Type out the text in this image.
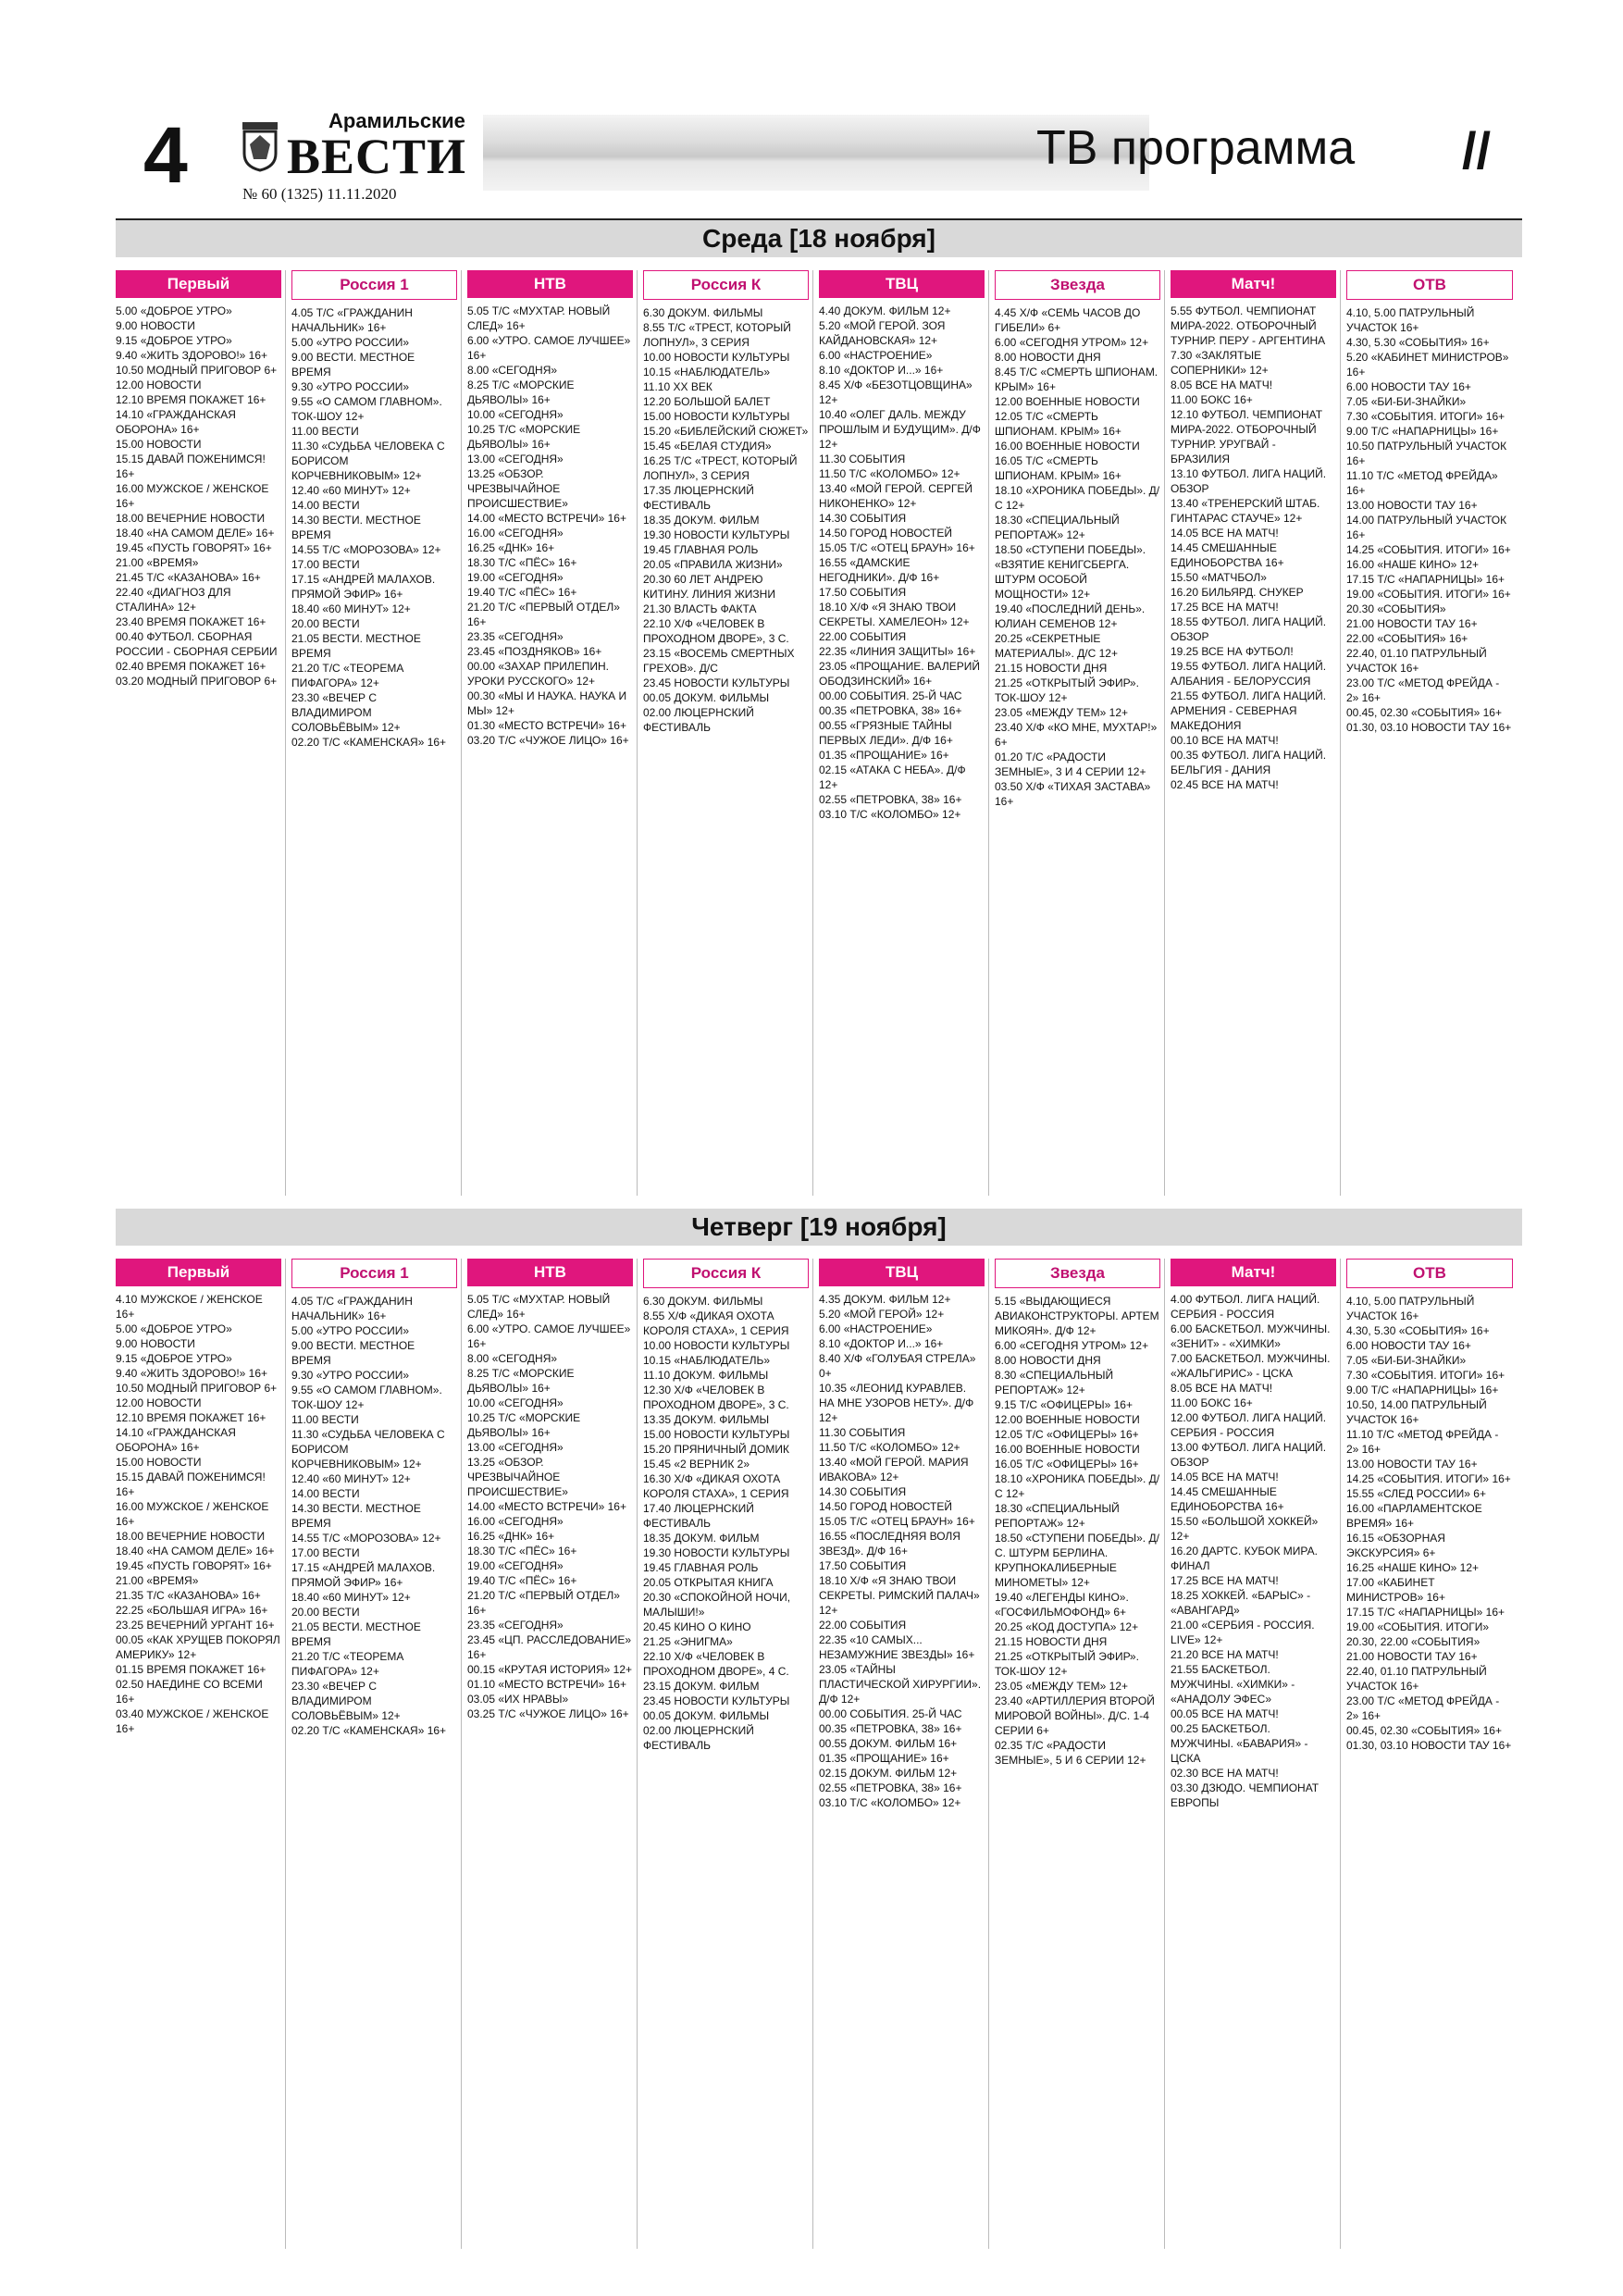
4	Арамильские
ВЕСТИ
№ 60 (1325) 11.11.2020
ТВ программа //
Среда [18 ноября]
Первый

5.00 «ДОБРОЕ УТРО»

9.00 НОВОСТИ

9.15 «ДОБРОЕ УТРО»

9.40 «ЖИТЬ ЗДОРОВО!» 16+

10.50 МОДНЫЙ ПРИГОВОР 6+

12.00 НОВОСТИ

12.10 ВРЕМЯ ПОКАЖЕТ 16+

14.10 «ГРАЖДАНСКАЯ ОБОРОНА» 16+

15.00 НОВОСТИ

15.15 ДАВАЙ ПОЖЕНИМСЯ! 16+

16.00 МУЖСКОЕ / ЖЕНСКОЕ 16+

18.00 ВЕЧЕРНИЕ НОВОСТИ

18.40 «НА САМОМ ДЕЛЕ» 16+

19.45 «ПУСТЬ ГОВОРЯТ» 16+

21.00 «ВРЕМЯ»

21.45 Т/С «КАЗАНОВА» 16+

22.40 «ДИАГНОЗ ДЛЯ СТАЛИНА» 12+

23.40 ВРЕМЯ ПОКАЖЕТ 16+

00.40 ФУТБОЛ. СБОРНАЯ РОССИИ - СБОРНАЯ СЕРБИИ

02.40 ВРЕМЯ ПОКАЖЕТ 16+

03.20 МОДНЫЙ ПРИГОВОР 6+

Россия 1

4.05 Т/С «ГРАЖДАНИН НАЧАЛЬНИК» 16+

5.00 «УТРО РОССИИ»

9.00 ВЕСТИ. МЕСТНОЕ ВРЕМЯ

9.30 «УТРО РОССИИ»

9.55 «О САМОМ ГЛАВНОМ». ТОК-ШОУ 12+

11.00 ВЕСТИ

11.30 «СУДЬБА ЧЕЛОВЕКА С БОРИСОМ КОРЧЕВНИКОВЫМ» 12+

12.40 «60 МИНУТ» 12+

14.00 ВЕСТИ

14.30 ВЕСТИ. МЕСТНОЕ ВРЕМЯ

14.55 Т/С «МОРОЗОВА» 12+

17.00 ВЕСТИ

17.15 «АНДРЕЙ МАЛАХОВ. ПРЯМОЙ ЭФИР» 16+

18.40 «60 МИНУТ» 12+

20.00 ВЕСТИ

21.05 ВЕСТИ. МЕСТНОЕ ВРЕМЯ

21.20 Т/С «ТЕОРЕМА ПИФАГОРА» 12+

23.30 «ВЕЧЕР С ВЛАДИМИРОМ СОЛОВЬЁВЫМ» 12+

02.20 Т/С «КАМЕНСКАЯ» 16+

НТВ

5.05 Т/С «МУХТАР. НОВЫЙ СЛЕД» 16+

6.00 «УТРО. САМОЕ ЛУЧШЕЕ» 16+

8.00 «СЕГОДНЯ»

8.25 Т/С «МОРСКИЕ ДЬЯВОЛЫ» 16+

10.00 «СЕГОДНЯ»

10.25 Т/С «МОРСКИЕ ДЬЯВОЛЫ» 16+

13.00 «СЕГОДНЯ»

13.25 «ОБЗОР. ЧРЕЗВЫЧАЙНОЕ ПРОИСШЕСТВИЕ»

14.00 «МЕСТО ВСТРЕЧИ» 16+

16.00 «СЕГОДНЯ»

16.25 «ДНК» 16+

18.30 Т/С «ПЁС» 16+

19.00 «СЕГОДНЯ»

19.40 Т/С «ПЁС» 16+

21.20 Т/С «ПЕРВЫЙ ОТДЕЛ» 16+

23.35 «СЕГОДНЯ»

23.45 «ПОЗДНЯКОВ» 16+

00.00 «ЗАХАР ПРИЛЕПИН. УРОКИ РУССКОГО» 12+

00.30 «МЫ И НАУКА. НАУКА И МЫ» 12+

01.30 «МЕСТО ВСТРЕЧИ» 16+

03.20 Т/С «ЧУЖОЕ ЛИЦО» 16+

Россия К

6.30 ДОКУМ. ФИЛЬМЫ

8.55 Т/С «ТРЕСТ, КОТОРЫЙ ЛОПНУЛ», 3 СЕРИЯ

10.00 НОВОСТИ КУЛЬТУРЫ

10.15 «НАБЛЮДАТЕЛЬ»

11.10 ХХ ВЕК

12.20 БОЛЬШОЙ БАЛЕТ

15.00 НОВОСТИ КУЛЬТУРЫ

15.20 «БИБЛЕЙСКИЙ СЮЖЕТ»

15.45 «БЕЛАЯ СТУДИЯ»

16.25 Т/С «ТРЕСТ, КОТОРЫЙ ЛОПНУЛ», 3 СЕРИЯ

17.35 ЛЮЦЕРНСКИЙ ФЕСТИВАЛЬ

18.35 ДОКУМ. ФИЛЬМ

19.30 НОВОСТИ КУЛЬТУРЫ

19.45 ГЛАВНАЯ РОЛЬ

20.05 «ПРАВИЛА ЖИЗНИ»

20.30 60 ЛЕТ АНДРЕЮ КИТИНУ. ЛИНИЯ ЖИЗНИ

21.30 ВЛАСТЬ ФАКТА

22.10 Х/Ф «ЧЕЛОВЕК В ПРОХОДНОМ ДВОРЕ», 3 С.

23.15 «ВОСЕМЬ СМЕРТНЫХ ГРЕХОВ». Д/С

23.45 НОВОСТИ КУЛЬТУРЫ

00.05 ДОКУМ. ФИЛЬМЫ

02.00 ЛЮЦЕРНСКИЙ ФЕСТИВАЛЬ

ТВЦ

4.40 ДОКУМ. ФИЛЬМ 12+

5.20 «МОЙ ГЕРОЙ. ЗОЯ КАЙДАНОВСКАЯ» 12+

6.00 «НАСТРОЕНИЕ»

8.10 «ДОКТОР И...» 16+

8.45 Х/Ф «БЕЗОТЦОВЩИНА» 12+

10.40 «ОЛЕГ ДАЛЬ. МЕЖДУ ПРОШЛЫМ И БУДУЩИМ». Д/Ф 12+

11.30 СОБЫТИЯ

11.50 Т/С «КОЛОМБО» 12+

13.40 «МОЙ ГЕРОЙ. СЕРГЕЙ НИКОНЕНКО» 12+

14.30 СОБЫТИЯ

14.50 ГОРОД НОВОСТЕЙ

15.05 Т/С «ОТЕЦ БРАУН» 16+

16.55 «ДАМСКИЕ НЕГОДНИКИ». Д/Ф 16+

17.50 СОБЫТИЯ

18.10 Х/Ф «Я ЗНАЮ ТВОИ СЕКРЕТЫ. ХАМЕЛЕОН» 12+

22.00 СОБЫТИЯ

22.35 «ЛИНИЯ ЗАЩИТЫ» 16+

23.05 «ПРОЩАНИЕ. ВАЛЕРИЙ ОБОДЗИНСКИЙ» 16+

00.00 СОБЫТИЯ. 25-Й ЧАС

00.35 «ПЕТРОВКА, 38» 16+

00.55 «ГРЯЗНЫЕ ТАЙНЫ ПЕРВЫХ ЛЕДИ». Д/Ф 16+

01.35 «ПРОЩАНИЕ» 16+

02.15 «АТАКА С НЕБА». Д/Ф 12+

02.55 «ПЕТРОВКА, 38» 16+

03.10 Т/С «КОЛОМБО» 12+

Звезда

4.45 Х/Ф «СЕМЬ ЧАСОВ ДО ГИБЕЛИ» 6+

6.00 «СЕГОДНЯ УТРОМ» 12+

8.00 НОВОСТИ ДНЯ

8.45 Т/С «СМЕРТЬ ШПИОНАМ. КРЫМ» 16+

12.00 ВОЕННЫЕ НОВОСТИ

12.05 Т/С «СМЕРТЬ ШПИОНАМ. КРЫМ» 16+

16.00 ВОЕННЫЕ НОВОСТИ

16.05 Т/С «СМЕРТЬ ШПИОНАМ. КРЫМ» 16+

18.10 «ХРОНИКА ПОБЕДЫ». Д/С 12+

18.30 «СПЕЦИАЛЬНЫЙ РЕПОРТАЖ» 12+

18.50 «СТУПЕНИ ПОБЕДЫ». «ВЗЯТИЕ КЕНИГСБЕРГА. ШТУРМ ОСОБОЙ МОЩНОСТИ» 12+

19.40 «ПОСЛЕДНИЙ ДЕНЬ». ЮЛИАН СЕМЕНОВ 12+

20.25 «СЕКРЕТНЫЕ МАТЕРИАЛЫ». Д/С 12+

21.15 НОВОСТИ ДНЯ

21.25 «ОТКРЫТЫЙ ЭФИР». ТОК-ШОУ 12+

23.05 «МЕЖДУ ТЕМ» 12+

23.40 Х/Ф «КО МНЕ, МУХТАР!» 6+

01.20 Т/С «РАДОСТИ ЗЕМНЫЕ», 3 И 4 СЕРИИ 12+

03.50 Х/Ф «ТИХАЯ ЗАСТАВА» 16+

Матч!

5.55 ФУТБОЛ. ЧЕМПИОНАТ МИРА-2022. ОТБОРОЧНЫЙ ТУРНИР. ПЕРУ - АРГЕНТИНА

7.30 «ЗАКЛЯТЫЕ СОПЕРНИКИ» 12+

8.05 ВСЕ НА МАТЧ!

11.00 БОКС 16+

12.10 ФУТБОЛ. ЧЕМПИОНАТ МИРА-2022. ОТБОРОЧНЫЙ ТУРНИР. УРУГВАЙ - БРАЗИЛИЯ

13.10 ФУТБОЛ. ЛИГА НАЦИЙ. ОБЗОР

13.40 «ТРЕНЕРСКИЙ ШТАБ. ГИНТАРАС СТАУЧЕ» 12+

14.05 ВСЕ НА МАТЧ!

14.45 СМЕШАННЫЕ ЕДИНОБОРСТВА 16+

15.50 «МАТЧБОЛ»

16.20 БИЛЬЯРД. СНУКЕР

17.25 ВСЕ НА МАТЧ!

18.55 ФУТБОЛ. ЛИГА НАЦИЙ. ОБЗОР

19.25 ВСЕ НА ФУТБОЛ!

19.55 ФУТБОЛ. ЛИГА НАЦИЙ. АЛБАНИЯ - БЕЛОРУССИЯ

21.55 ФУТБОЛ. ЛИГА НАЦИЙ. АРМЕНИЯ - СЕВЕРНАЯ МАКЕДОНИЯ

00.10 ВСЕ НА МАТЧ!

00.35 ФУТБОЛ. ЛИГА НАЦИЙ. БЕЛЬГИЯ - ДАНИЯ

02.45 ВСЕ НА МАТЧ!

ОТВ

4.10, 5.00 ПАТРУЛЬНЫЙ УЧАСТОК 16+

4.30, 5.30 «СОБЫТИЯ» 16+

5.20 «КАБИНЕТ МИНИСТРОВ» 16+

6.00 НОВОСТИ ТАУ 16+

7.05 «БИ-БИ-ЗНАЙКИ»

7.30 «СОБЫТИЯ. ИТОГИ» 16+

9.00 Т/С «НАПАРНИЦЫ» 16+

10.50 ПАТРУЛЬНЫЙ УЧАСТОК 16+

11.10 Т/С «МЕТОД ФРЕЙДА» 16+

13.00 НОВОСТИ ТАУ 16+

14.00 ПАТРУЛЬНЫЙ УЧАСТОК 16+

14.25 «СОБЫТИЯ. ИТОГИ» 16+

16.00 «НАШЕ КИНО» 12+

17.15 Т/С «НАПАРНИЦЫ» 16+

19.00 «СОБЫТИЯ. ИТОГИ» 16+

20.30 «СОБЫТИЯ»

21.00 НОВОСТИ ТАУ 16+

22.00 «СОБЫТИЯ» 16+

22.40, 01.10 ПАТРУЛЬНЫЙ УЧАСТОК 16+

23.00 Т/С «МЕТОД ФРЕЙДА - 2» 16+

00.45, 02.30 «СОБЫТИЯ» 16+

01.30, 03.10 НОВОСТИ ТАУ 16+

Четверг [19 ноября]
Первый

4.10 МУЖСКОЕ / ЖЕНСКОЕ 16+

5.00 «ДОБРОЕ УТРО»

9.00 НОВОСТИ

9.15 «ДОБРОЕ УТРО»

9.40 «ЖИТЬ ЗДОРОВО!» 16+

10.50 МОДНЫЙ ПРИГОВОР 6+

12.00 НОВОСТИ

12.10 ВРЕМЯ ПОКАЖЕТ 16+

14.10 «ГРАЖДАНСКАЯ ОБОРОНА» 16+

15.00 НОВОСТИ

15.15 ДАВАЙ ПОЖЕНИМСЯ! 16+

16.00 МУЖСКОЕ / ЖЕНСКОЕ 16+

18.00 ВЕЧЕРНИЕ НОВОСТИ

18.40 «НА САМОМ ДЕЛЕ» 16+

19.45 «ПУСТЬ ГОВОРЯТ» 16+

21.00 «ВРЕМЯ»

21.35 Т/С «КАЗАНОВА» 16+

22.25 «БОЛЬШАЯ ИГРА» 16+

23.25 ВЕЧЕРНИЙ УРГАНТ 16+

00.05 «КАК ХРУЩЕВ ПОКОРЯЛ АМЕРИКУ» 12+

01.15 ВРЕМЯ ПОКАЖЕТ 16+

02.50 НАЕДИНЕ СО ВСЕМИ 16+

03.40 МУЖСКОЕ / ЖЕНСКОЕ 16+

Россия 1

4.05 Т/С «ГРАЖДАНИН НАЧАЛЬНИК» 16+

5.00 «УТРО РОССИИ»

9.00 ВЕСТИ. МЕСТНОЕ ВРЕМЯ

9.30 «УТРО РОССИИ»

9.55 «О САМОМ ГЛАВНОМ». ТОК-ШОУ 12+

11.00 ВЕСТИ

11.30 «СУДЬБА ЧЕЛОВЕКА С БОРИСОМ КОРЧЕВНИКОВЫМ» 12+

12.40 «60 МИНУТ» 12+

14.00 ВЕСТИ

14.30 ВЕСТИ. МЕСТНОЕ ВРЕМЯ

14.55 Т/С «МОРОЗОВА» 12+

17.00 ВЕСТИ

17.15 «АНДРЕЙ МАЛАХОВ. ПРЯМОЙ ЭФИР» 16+

18.40 «60 МИНУТ» 12+

20.00 ВЕСТИ

21.05 ВЕСТИ. МЕСТНОЕ ВРЕМЯ

21.20 Т/С «ТЕОРЕМА ПИФАГОРА» 12+

23.30 «ВЕЧЕР С ВЛАДИМИРОМ СОЛОВЬЁВЫМ» 12+

02.20 Т/С «КАМЕНСКАЯ» 16+

НТВ

5.05 Т/С «МУХТАР. НОВЫЙ СЛЕД» 16+

6.00 «УТРО. САМОЕ ЛУЧШЕЕ» 16+

8.00 «СЕГОДНЯ»

8.25 Т/С «МОРСКИЕ ДЬЯВОЛЫ» 16+

10.00 «СЕГОДНЯ»

10.25 Т/С «МОРСКИЕ ДЬЯВОЛЫ» 16+

13.00 «СЕГОДНЯ»

13.25 «ОБЗОР. ЧРЕЗВЫЧАЙНОЕ ПРОИСШЕСТВИЕ»

14.00 «МЕСТО ВСТРЕЧИ» 16+

16.00 «СЕГОДНЯ»

16.25 «ДНК» 16+

18.30 Т/С «ПЁС» 16+

19.00 «СЕГОДНЯ»

19.40 Т/С «ПЁС» 16+

21.20 Т/С «ПЕРВЫЙ ОТДЕЛ» 16+

23.35 «СЕГОДНЯ»

23.45 «ЦП. РАССЛЕДОВАНИЕ» 16+

00.15 «КРУТАЯ ИСТОРИЯ» 12+

01.10 «МЕСТО ВСТРЕЧИ» 16+

03.05 «ИХ НРАВЫ»

03.25 Т/С «ЧУЖОЕ ЛИЦО» 16+

Россия К

6.30 ДОКУМ. ФИЛЬМЫ

8.55 Х/Ф «ДИКАЯ ОХОТА КОРОЛЯ СТАХА», 1 СЕРИЯ

10.00 НОВОСТИ КУЛЬТУРЫ

10.15 «НАБЛЮДАТЕЛЬ»

11.10 ДОКУМ. ФИЛЬМЫ

12.30 Х/Ф «ЧЕЛОВЕК В ПРОХОДНОМ ДВОРЕ», 3 С.

13.35 ДОКУМ. ФИЛЬМЫ

15.00 НОВОСТИ КУЛЬТУРЫ

15.20 ПРЯНИЧНЫЙ ДОМИК

15.45 «2 ВЕРНИК 2»

16.30 Х/Ф «ДИКАЯ ОХОТА КОРОЛЯ СТАХА», 1 СЕРИЯ

17.40 ЛЮЦЕРНСКИЙ ФЕСТИВАЛЬ

18.35 ДОКУМ. ФИЛЬМ

19.30 НОВОСТИ КУЛЬТУРЫ

19.45 ГЛАВНАЯ РОЛЬ

20.05 ОТКРЫТАЯ КНИГА

20.30 «СПОКОЙНОЙ НОЧИ, МАЛЫШИ!»

20.45 КИНО О КИНО

21.25 «ЭНИГМА»

22.10 Х/Ф «ЧЕЛОВЕК В ПРОХОДНОМ ДВОРЕ», 4 С.

23.15 ДОКУМ. ФИЛЬМ

23.45 НОВОСТИ КУЛЬТУРЫ

00.05 ДОКУМ. ФИЛЬМЫ

02.00 ЛЮЦЕРНСКИЙ ФЕСТИВАЛЬ

ТВЦ

4.35 ДОКУМ. ФИЛЬМ 12+

5.20 «МОЙ ГЕРОЙ» 12+

6.00 «НАСТРОЕНИЕ»

8.10 «ДОКТОР И...» 16+

8.40 Х/Ф «ГОЛУБАЯ СТРЕЛА» 0+

10.35 «ЛЕОНИД КУРАВЛЕВ. НА МНЕ УЗОРОВ НЕТУ». Д/Ф 12+

11.30 СОБЫТИЯ

11.50 Т/С «КОЛОМБО» 12+

13.40 «МОЙ ГЕРОЙ. МАРИЯ ИВАКОВА» 12+

14.30 СОБЫТИЯ

14.50 ГОРОД НОВОСТЕЙ

15.05 Т/С «ОТЕЦ БРАУН» 16+

16.55 «ПОСЛЕДНЯЯ ВОЛЯ ЗВЕЗД». Д/Ф 16+

17.50 СОБЫТИЯ

18.10 Х/Ф «Я ЗНАЮ ТВОИ СЕКРЕТЫ. РИМСКИЙ ПАЛАЧ» 12+

22.00 СОБЫТИЯ

22.35 «10 САМЫХ... НЕЗАМУЖНИЕ ЗВЕЗДЫ» 16+

23.05 «ТАЙНЫ ПЛАСТИЧЕСКОЙ ХИРУРГИИ». Д/Ф 12+

00.00 СОБЫТИЯ. 25-Й ЧАС

00.35 «ПЕТРОВКА, 38» 16+

00.55 ДОКУМ. ФИЛЬМ 16+

01.35 «ПРОЩАНИЕ» 16+

02.15 ДОКУМ. ФИЛЬМ 12+

02.55 «ПЕТРОВКА, 38» 16+

03.10 Т/С «КОЛОМБО» 12+

Звезда

5.15 «ВЫДАЮЩИЕСЯ АВИАКОНСТРУКТОРЫ. АРТЕМ МИКОЯН». Д/Ф 12+

6.00 «СЕГОДНЯ УТРОМ» 12+

8.00 НОВОСТИ ДНЯ

8.30 «СПЕЦИАЛЬНЫЙ РЕПОРТАЖ» 12+

9.15 Т/С «ОФИЦЕРЫ» 16+

12.00 ВОЕННЫЕ НОВОСТИ

12.05 Т/С «ОФИЦЕРЫ» 16+

16.00 ВОЕННЫЕ НОВОСТИ

16.05 Т/С «ОФИЦЕРЫ» 16+

18.10 «ХРОНИКА ПОБЕДЫ». Д/С 12+

18.30 «СПЕЦИАЛЬНЫЙ РЕПОРТАЖ» 12+

18.50 «СТУПЕНИ ПОБЕДЫ». Д/С. ШТУРМ БЕРЛИНА. КРУПНОКАЛИБЕРНЫЕ МИНОМЕТЫ» 12+

19.40 «ЛЕГЕНДЫ КИНО». «ГОСФИЛЬМОФОНД» 6+

20.25 «КОД ДОСТУПА» 12+

21.15 НОВОСТИ ДНЯ

21.25 «ОТКРЫТЫЙ ЭФИР». ТОК-ШОУ 12+

23.05 «МЕЖДУ ТЕМ» 12+

23.40 «АРТИЛЛЕРИЯ ВТОРОЙ МИРОВОЙ ВОЙНЫ». Д/С. 1-4 СЕРИИ 6+

02.35 Т/С «РАДОСТИ ЗЕМНЫЕ», 5 И 6 СЕРИИ 12+

Матч!

4.00 ФУТБОЛ. ЛИГА НАЦИЙ. СЕРБИЯ - РОССИЯ

6.00 БАСКЕТБОЛ. МУЖЧИНЫ. «ЗЕНИТ» - «ХИМКИ»

7.00 БАСКЕТБОЛ. МУЖЧИНЫ. «ЖАЛЬГИРИС» - ЦСКА

8.05 ВСЕ НА МАТЧ!

11.00 БОКС 16+

12.00 ФУТБОЛ. ЛИГА НАЦИЙ. СЕРБИЯ - РОССИЯ

13.00 ФУТБОЛ. ЛИГА НАЦИЙ. ОБЗОР

14.05 ВСЕ НА МАТЧ!

14.45 СМЕШАННЫЕ ЕДИНОБОРСТВА 16+

15.50 «БОЛЬШОЙ ХОККЕЙ» 12+

16.20 ДАРТС. КУБОК МИРА. ФИНАЛ

17.25 ВСЕ НА МАТЧ!

18.25 ХОККЕЙ. «БАРЫС» - «АВАНГАРД»

21.00 «СЕРБИЯ - РОССИЯ. LIVE» 12+

21.20 ВСЕ НА МАТЧ!

21.55 БАСКЕТБОЛ. МУЖЧИНЫ. «ХИМКИ» - «АНАДОЛУ ЭФЕС»

00.05 ВСЕ НА МАТЧ!

00.25 БАСКЕТБОЛ. МУЖЧИНЫ. «БАВАРИЯ» - ЦСКА

02.30 ВСЕ НА МАТЧ!

03.30 ДЗЮДО. ЧЕМПИОНАТ ЕВРОПЫ

ОТВ

4.10, 5.00 ПАТРУЛЬНЫЙ УЧАСТОК 16+

4.30, 5.30 «СОБЫТИЯ» 16+

6.00 НОВОСТИ ТАУ 16+

7.05 «БИ-БИ-ЗНАЙКИ»

7.30 «СОБЫТИЯ. ИТОГИ» 16+

9.00 Т/С «НАПАРНИЦЫ» 16+

10.50, 14.00 ПАТРУЛЬНЫЙ УЧАСТОК 16+

11.10 Т/С «МЕТОД ФРЕЙДА - 2» 16+

13.00 НОВОСТИ ТАУ 16+

14.25 «СОБЫТИЯ. ИТОГИ» 16+

15.55 «СЛЕД РОССИИ» 6+

16.00 «ПАРЛАМЕНТСКОЕ ВРЕМЯ» 16+

16.15 «ОБЗОРНАЯ ЭКСКУРСИЯ» 6+

16.25 «НАШЕ КИНО» 12+

17.00 «КАБИНЕТ МИНИСТРОВ» 16+

17.15 Т/С «НАПАРНИЦЫ» 16+

19.00 «СОБЫТИЯ. ИТОГИ»

20.30, 22.00 «СОБЫТИЯ»

21.00 НОВОСТИ ТАУ 16+

22.40, 01.10 ПАТРУЛЬНЫЙ УЧАСТОК 16+

23.00 Т/С «МЕТОД ФРЕЙДА - 2» 16+

00.45, 02.30 «СОБЫТИЯ» 16+

01.30, 03.10 НОВОСТИ ТАУ 16+
